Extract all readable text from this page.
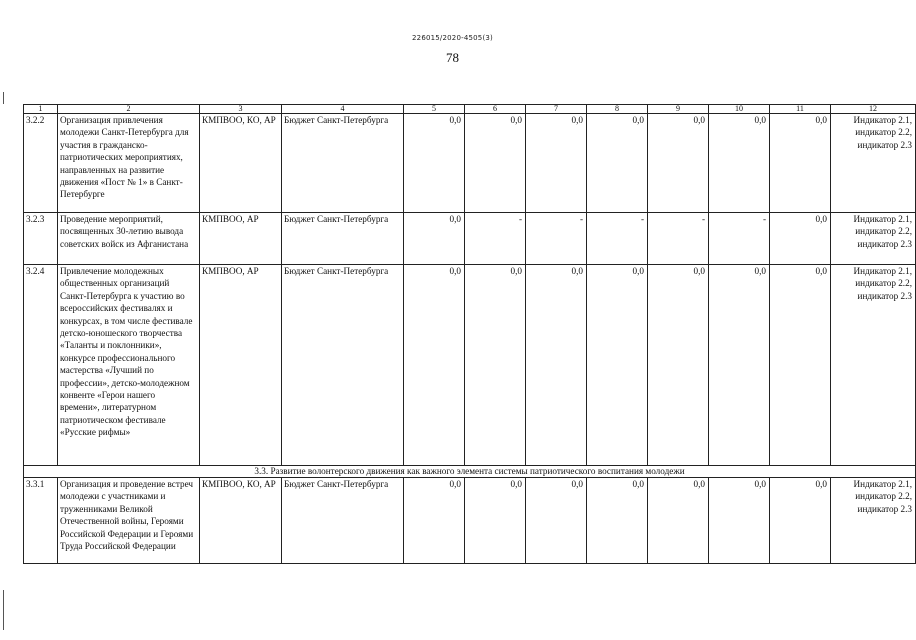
226015/2020-4505(3)
78
1	2	3	4	5	6	7	8	9	10	11	12
3.2.2	Организация привлечения молодежи Санкт-Петербурга для участия в гражданско-патриотических мероприятиях, направленных на развитие движения «Пост № 1» в Санкт-Петербурге	КМПВОО, КО, АР	Бюджет Санкт-Петербурга	0,0	0,0	0,0	0,0	0,0	0,0	0,0	Индикатор 2.1, индикатор 2.2, индикатор 2.3
3.2.3	Проведение мероприятий, посвященных 30-летию вывода советских войск из Афганистана	КМПВОО, АР	Бюджет Санкт-Петербурга	0,0	-	-	-	-	-	0,0	Индикатор 2.1, индикатор 2.2, индикатор 2.3
3.2.4	Привлечение молодежных общественных организаций Санкт-Петербурга к участию во всероссийских фестивалях и конкурсах, в том числе фестивале детско-юношеского творчества «Таланты и поклонники», конкурсе профессионального мастерства «Лучший по профессии», детско-молодежном конвенте «Герои нашего времени», литературном патриотическом фестивале «Русские рифмы»	КМПВОО, АР	Бюджет Санкт-Петербурга	0,0	0,0	0,0	0,0	0,0	0,0	0,0	Индикатор 2.1, индикатор 2.2, индикатор 2.3
3.3. Развитие волонтерского движения как важного элемента системы патриотического воспитания молодежи											
3.3.1	Организация и проведение встреч молодежи с участниками и труженниками Великой Отечественной войны, Героями Российской Федерации и Героями Труда Российской Федерации	КМПВОО, КО, АР	Бюджет Санкт-Петербурга	0,0	0,0	0,0	0,0	0,0	0,0	0,0	Индикатор 2.1, индикатор 2.2, индикатор 2.3
